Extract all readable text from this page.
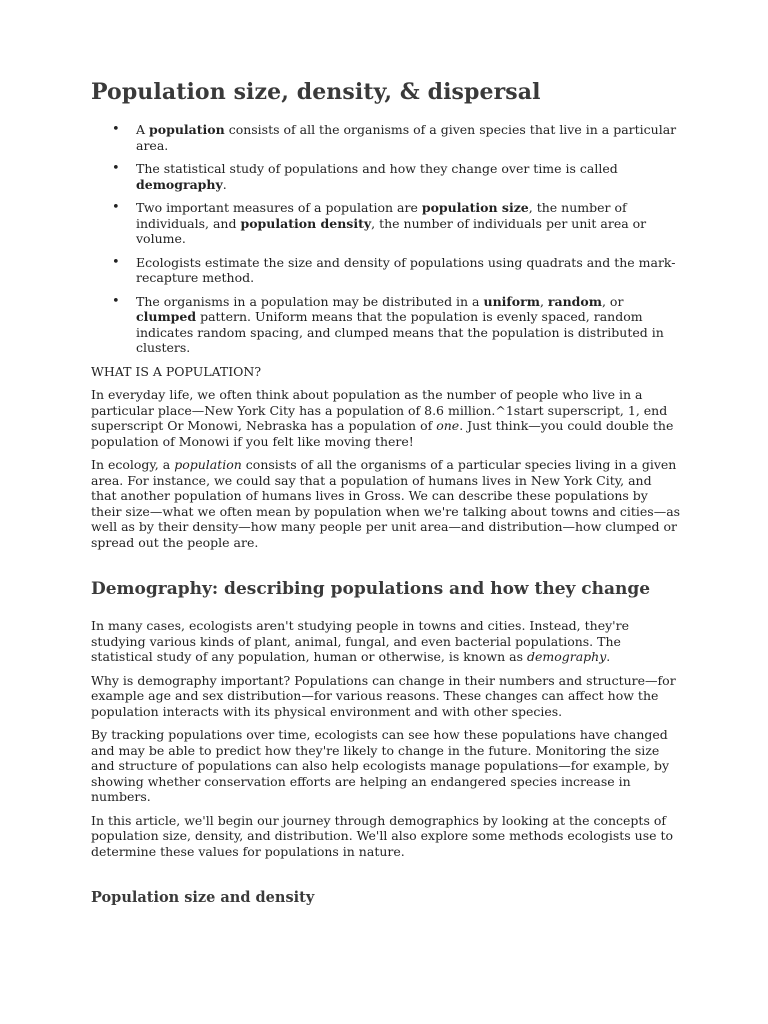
Population size, density, & dispersal
• A population consists of all the organisms of a given species that live in a particular area.
• The statistical study of populations and how they change over time is called demography.
• Two important measures of a population are population size, the number of individuals, and population density, the number of individuals per unit area or volume.
• Ecologists estimate the size and density of populations using quadrats and the mark-recapture method.
• The organisms in a population may be distributed in a uniform, random, or clumped pattern. Uniform means that the population is evenly spaced, random indicates random spacing, and clumped means that the population is distributed in clusters.

WHAT IS A POPULATION?

In everyday life, we often think about population as the number of people who live in a particular place—New York City has a population of 8.6 million.^1start superscript, 1, end superscript Or Monowi, Nebraska has a population of one. Just think—you could double the population of Monowi if you felt like moving there!

In ecology, a population consists of all the organisms of a particular species living in a given area. For instance, we could say that a population of humans lives in New York City, and that another population of humans lives in Gross. We can describe these populations by their size—what we often mean by population when we're talking about towns and cities—as well as by their density—how many people per unit area—and distribution—how clumped or spread out the people are.

Demography: describing populations and how they change

In many cases, ecologists aren't studying people in towns and cities. Instead, they're studying various kinds of plant, animal, fungal, and even bacterial populations. The statistical study of any population, human or otherwise, is known as demography.

Why is demography important? Populations can change in their numbers and structure—for example age and sex distribution—for various reasons. These changes can affect how the population interacts with its physical environment and with other species.

By tracking populations over time, ecologists can see how these populations have changed and may be able to predict how they're likely to change in the future. Monitoring the size and structure of populations can also help ecologists manage populations—for example, by showing whether conservation efforts are helping an endangered species increase in numbers.

In this article, we'll begin our journey through demographics by looking at the concepts of population size, density, and distribution. We'll also explore some methods ecologists use to determine these values for populations in nature.

Population size and density
